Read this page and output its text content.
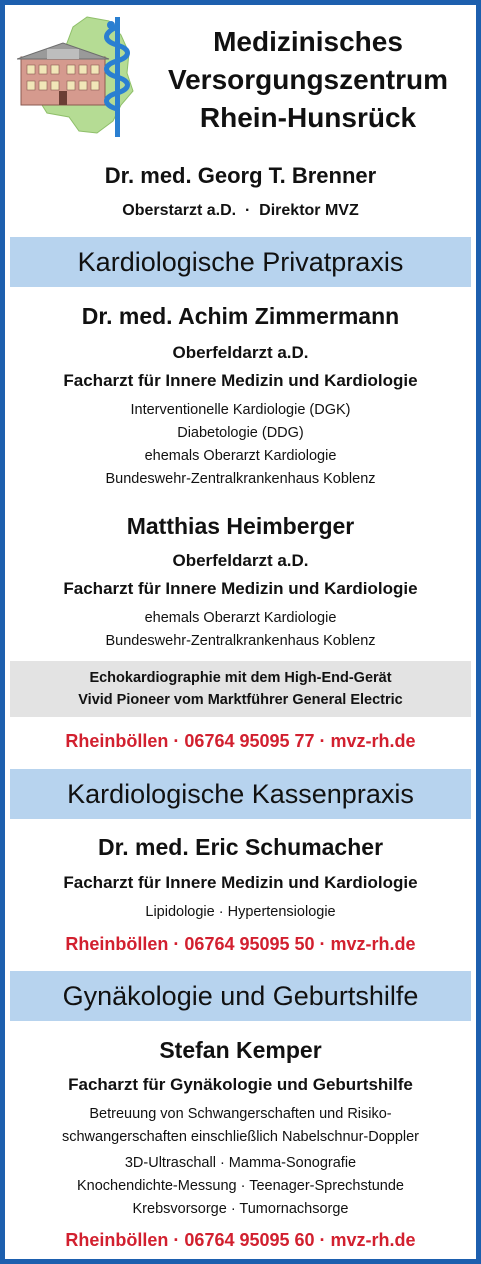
Medizinisches
Versorgungszentrum
Rhein-Hunsrück
Dr. med. Georg T. Brenner
Oberstarzt a.D.  ·  Direktor MVZ
Kardiologische Privatpraxis
Dr. med. Achim Zimmermann
Oberfeldarzt a.D.
Facharzt für Innere Medizin und Kardiologie
Interventionelle Kardiologie (DGK)
Diabetologie (DDG)
ehemals Oberarzt Kardiologie
Bundeswehr-Zentralkrankenhaus Koblenz
Matthias Heimberger
Oberfeldarzt a.D.
Facharzt für Innere Medizin und Kardiologie
ehemals Oberarzt Kardiologie
Bundeswehr-Zentralkrankenhaus Koblenz
Echokardiographie mit dem High-End-Gerät
Vivid Pioneer vom Marktführer General Electric
Rheinböllen · 06764 95095 77 · mvz-rh.de
Kardiologische Kassenpraxis
Dr. med. Eric Schumacher
Facharzt für Innere Medizin und Kardiologie
Lipidologie · Hypertensiologie
Rheinböllen · 06764 95095 50 · mvz-rh.de
Gynäkologie und Geburtshilfe
Stefan Kemper
Facharzt für Gynäkologie und Geburtshilfe
Betreuung von Schwangerschaften und Risiko-
schwangerschaften einschließlich Nabelschnur-Doppler
3D-Ultraschall · Mamma-Sonografie
Knochendichte-Messung · Teenager-Sprechstunde
Krebsvorsorge · Tumornachsorge
Rheinböllen · 06764 95095 60 · mvz-rh.de
